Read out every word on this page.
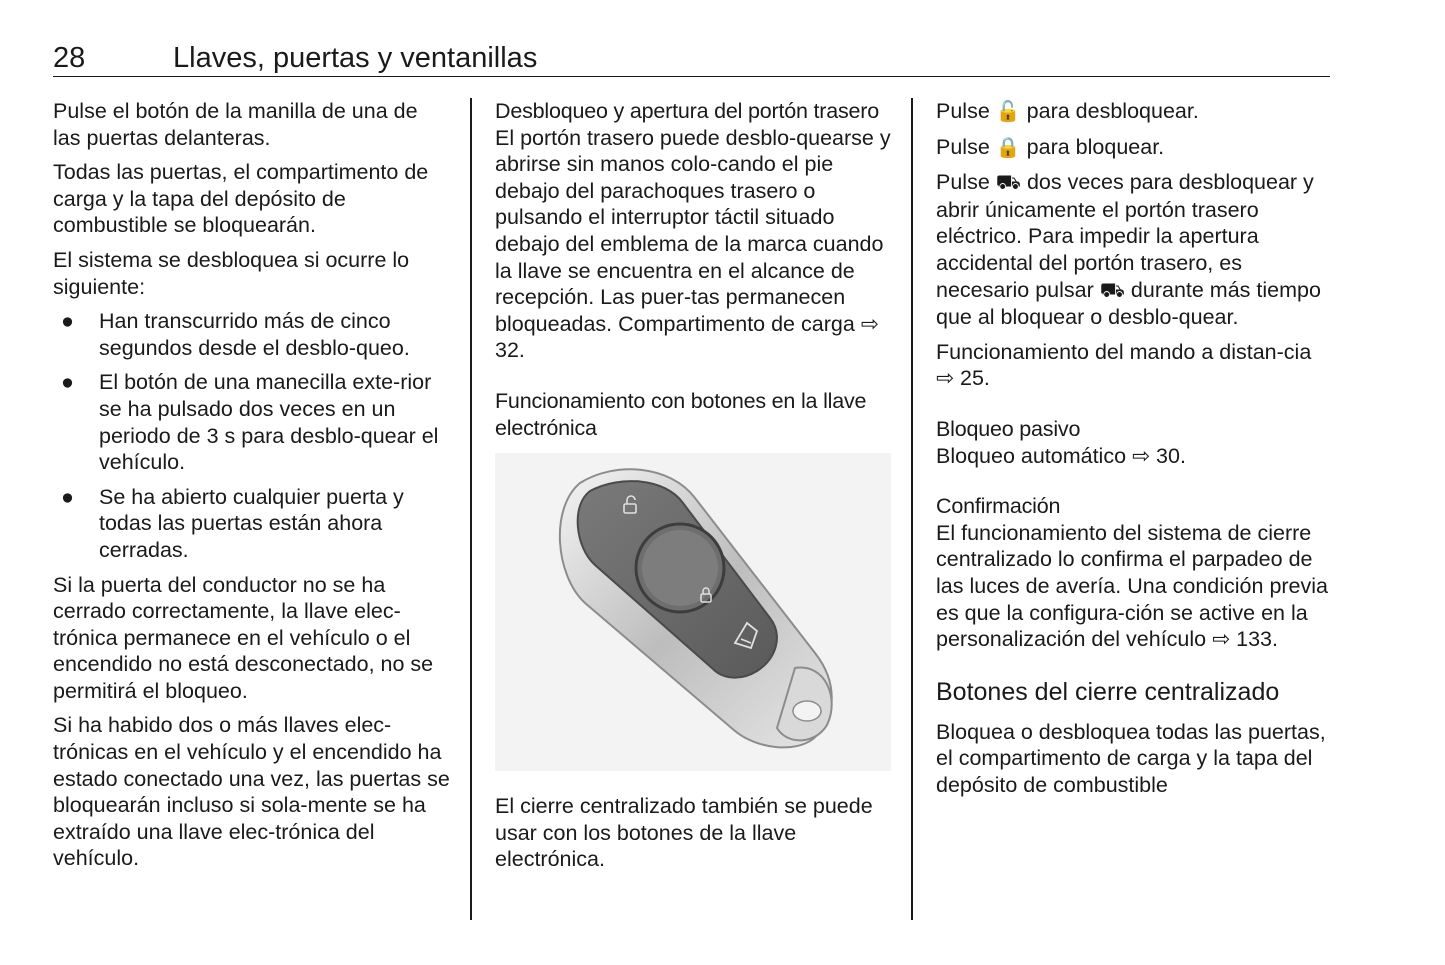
28	Llaves, puertas y ventanillas

Pulse el botón de la manilla de una de las puertas delanteras.

Todas las puertas, el compartimento de carga y la tapa del depósito de combustible se bloquearán.

El sistema se desbloquea si ocurre lo siguiente:

● Han transcurrido más de cinco segundos desde el desblo-queo.
● El botón de una manecilla exte-rior se ha pulsado dos veces en un periodo de 3 s para desblo-quear el vehículo.
● Se ha abierto cualquier puerta y todas las puertas están ahora cerradas.

Si la puerta del conductor no se ha cerrado correctamente, la llave elec-trónica permanece en el vehículo o el encendido no está desconectado, no se permitirá el bloqueo.

Si ha habido dos o más llaves elec-trónicas en el vehículo y el encendido ha estado conectado una vez, las puertas se bloquearán incluso si sola-mente se ha extraído una llave elec-trónica del vehículo.

Desbloqueo y apertura del portón trasero

El portón trasero puede desblo-quearse y abrirse sin manos colo-cando el pie debajo del parachoques trasero o pulsando el interruptor táctil situado debajo del emblema de la marca cuando la llave se encuentra en el alcance de recepción. Las puer-tas permanecen bloqueadas. Compartimento de carga ⇨ 32.

Funcionamiento con botones en la llave electrónica

El cierre centralizado también se puede usar con los botones de la llave electrónica.

Pulse 🔓 para desbloquear.

Pulse 🔒 para bloquear.

Pulse ⛟ dos veces para desbloquear y abrir únicamente el portón trasero eléctrico. Para impedir la apertura accidental del portón trasero, es necesario pulsar ⛟ durante más tiempo que al bloquear o desblo-quear.

Funcionamiento del mando a distan-cia ⇨ 25.

Bloqueo pasivo

Bloqueo automático ⇨ 30.

Confirmación

El funcionamiento del sistema de cierre centralizado lo confirma el parpadeo de las luces de avería. Una condición previa es que la configura-ción se active en la personalización del vehículo ⇨ 133.

Botones del cierre centralizado

Bloquea o desbloquea todas las puertas, el compartimento de carga y la tapa del depósito de combustible
